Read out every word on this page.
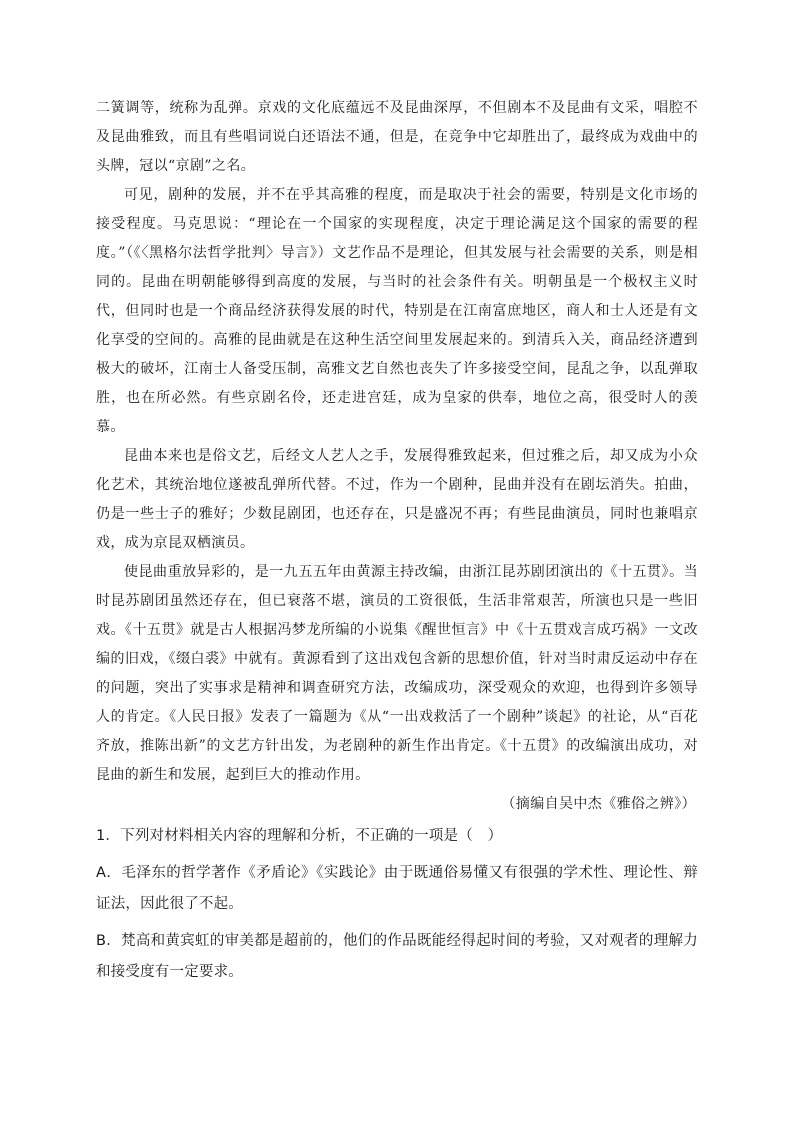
二簧调等，统称为乱弹。京戏的文化底蕴远不及昆曲深厚，不但剧本不及昆曲有文采，唱腔不及昆曲雅致，而且有些唱词说白还语法不通，但是，在竞争中它却胜出了，最终成为戏曲中的头牌，冠以“京剧”之名。

可见，剧种的发展，并不在乎其高雅的程度，而是取决于社会的需要，特别是文化市场的接受程度。马克思说：“理论在一个国家的实现程度，决定于理论满足这个国家的需要的程度。”（《〈黑格尔法哲学批判〉导言》）文艺作品不是理论，但其发展与社会需要的关系，则是相同的。昆曲在明朝能够得到高度的发展，与当时的社会条件有关。明朝虽是一个极权主义时代，但同时也是一个商品经济获得发展的时代，特别是在江南富庶地区，商人和士人还是有文化享受的空间的。高雅的昆曲就是在这种生活空间里发展起来的。到清兵入关，商品经济遭到极大的破坏，江南士人备受压制，高雅文艺自然也丧失了许多接受空间，昆乱之争，以乱弹取胜，也在所必然。有些京剧名伶，还走进宫廷，成为皇家的供奉，地位之高，很受时人的羡慕。

昆曲本来也是俗文艺，后经文人艺人之手，发展得雅致起来，但过雅之后，却又成为小众化艺术，其统治地位遂被乱弹所代替。不过，作为一个剧种，昆曲并没有在剧坛消失。拍曲，仍是一些士子的雅好；少数昆剧团，也还存在，只是盛况不再；有些昆曲演员，同时也兼唱京戏，成为京昆双栖演员。

使昆曲重放异彩的，是一九五五年由黄源主持改编，由浙江昆苏剧团演出的《十五贯》。当时昆苏剧团虽然还存在，但已衰落不堪，演员的工资很低，生活非常艰苦，所演也只是一些旧戏。《十五贯》就是古人根据冯梦龙所编的小说集《醒世恒言》中《十五贯戏言成巧祸》一文改编的旧戏，《缀白裘》中就有。黄源看到了这出戏包含新的思想价值，针对当时肃反运动中存在的问题，突出了实事求是精神和调查研究方法，改编成功，深受观众的欢迎，也得到许多领导人的肯定。《人民日报》发表了一篇题为《从“一出戏救活了一个剧种”谈起》的社论，从“百花齐放，推陈出新”的文艺方针出发，为老剧种的新生作出肯定。《十五贯》的改编演出成功，对昆曲的新生和发展，起到巨大的推动作用。

（摘编自吴中杰《雅俗之辨》）

1．下列对材料相关内容的理解和分析，不正确的一项是（　）

A．毛泽东的哲学著作《矛盾论》《实践论》由于既通俗易懂又有很强的学术性、理论性、辩证法，因此很了不起。

B．梵高和黄宾虹的审美都是超前的，他们的作品既能经得起时间的考验，又对观者的理解力和接受度有一定要求。
